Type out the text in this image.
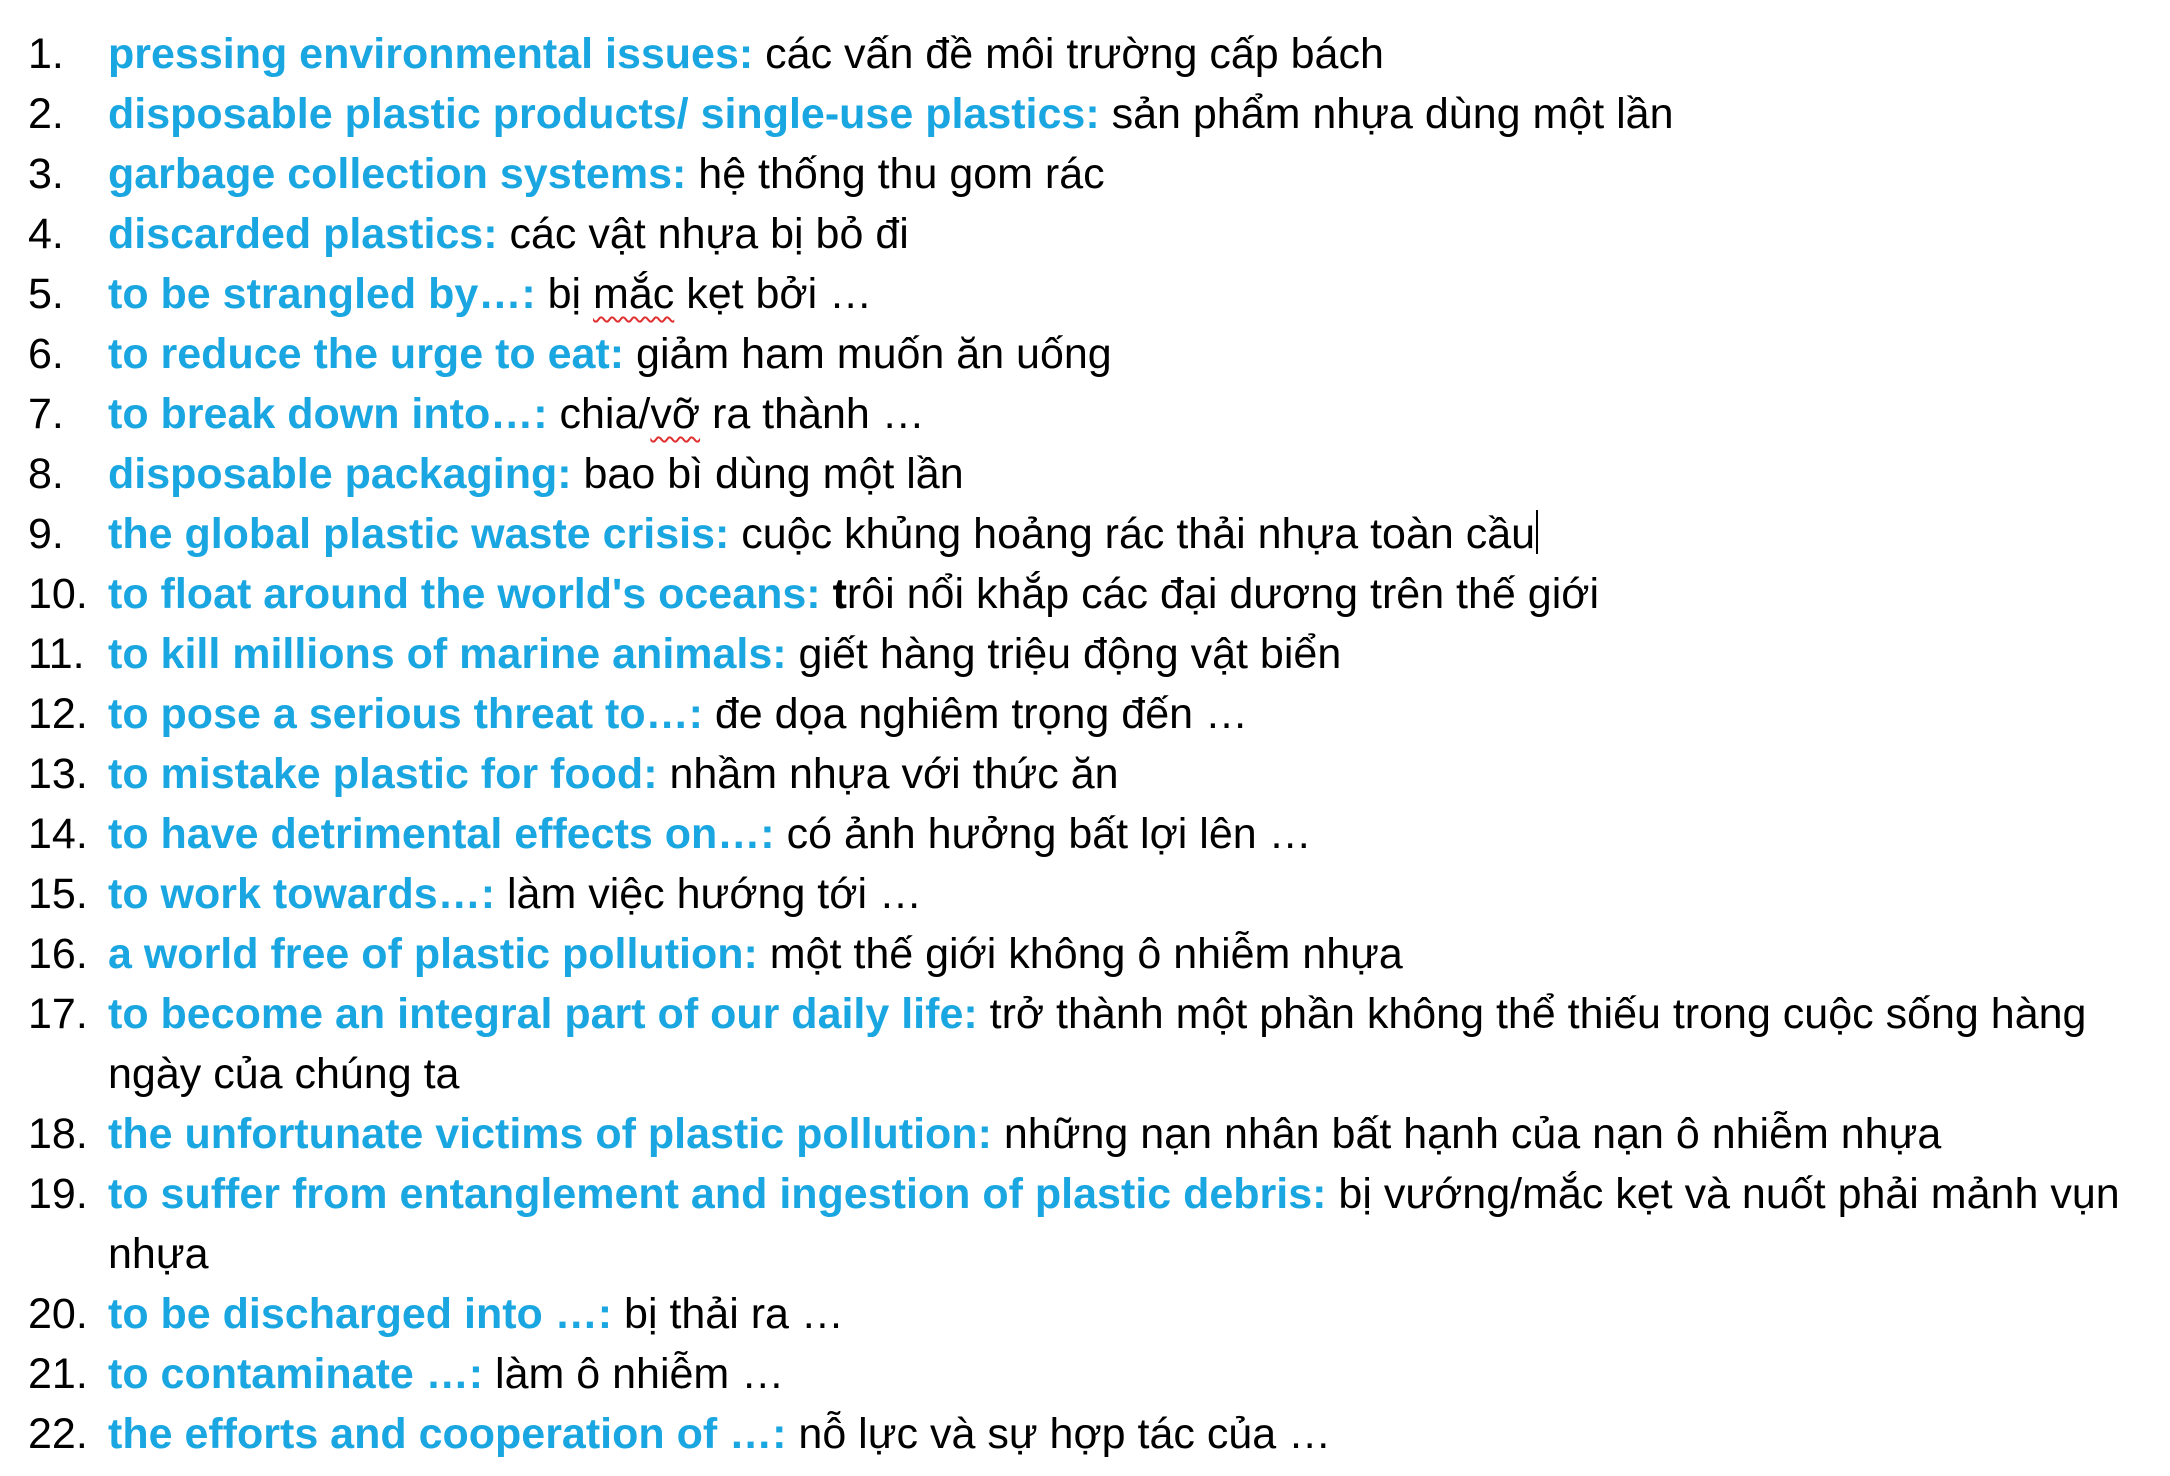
1.	pressing environmental issues: các vấn đề môi trường cấp bách
2.	disposable plastic products/ single-use plastics: sản phẩm nhựa dùng một lần
3.	garbage collection systems: hệ thống thu gom rác
4.	discarded plastics: các vật nhựa bị bỏ đi
5.	to be strangled by…: bị mắc kẹt bởi …
6.	to reduce the urge to eat: giảm ham muốn ăn uống
7.	to break down into…: chia/vỡ ra thành …
8.	disposable packaging: bao bì dùng một lần
9.	the global plastic waste crisis: cuộc khủng hoảng rác thải nhựa toàn cầu
10. to float around the world's oceans: trôi nổi khắp các đại dương trên thế giới
11. to kill millions of marine animals: giết hàng triệu động vật biển
12. to pose a serious threat to…: đe dọa nghiêm trọng đến …
13. to mistake plastic for food: nhầm nhựa với thức ăn
14. to have detrimental effects on…: có ảnh hưởng bất lợi lên …
15. to work towards…: làm việc hướng tới …
16. a world free of plastic pollution: một thế giới không ô nhiễm nhựa
17. to become an integral part of our daily life: trở thành một phần không thể thiếu trong cuộc sống hàng ngày của chúng ta
18. the unfortunate victims of plastic pollution: những nạn nhân bất hạnh của nạn ô nhiễm nhựa
19. to suffer from entanglement and ingestion of plastic debris: bị vướng/mắc kẹt và nuốt phải mảnh vụn nhựa
20. to be discharged into …: bị thải ra …
21. to contaminate …: làm ô nhiễm …
22. the efforts and cooperation of …: nỗ lực và sự hợp tác của …
